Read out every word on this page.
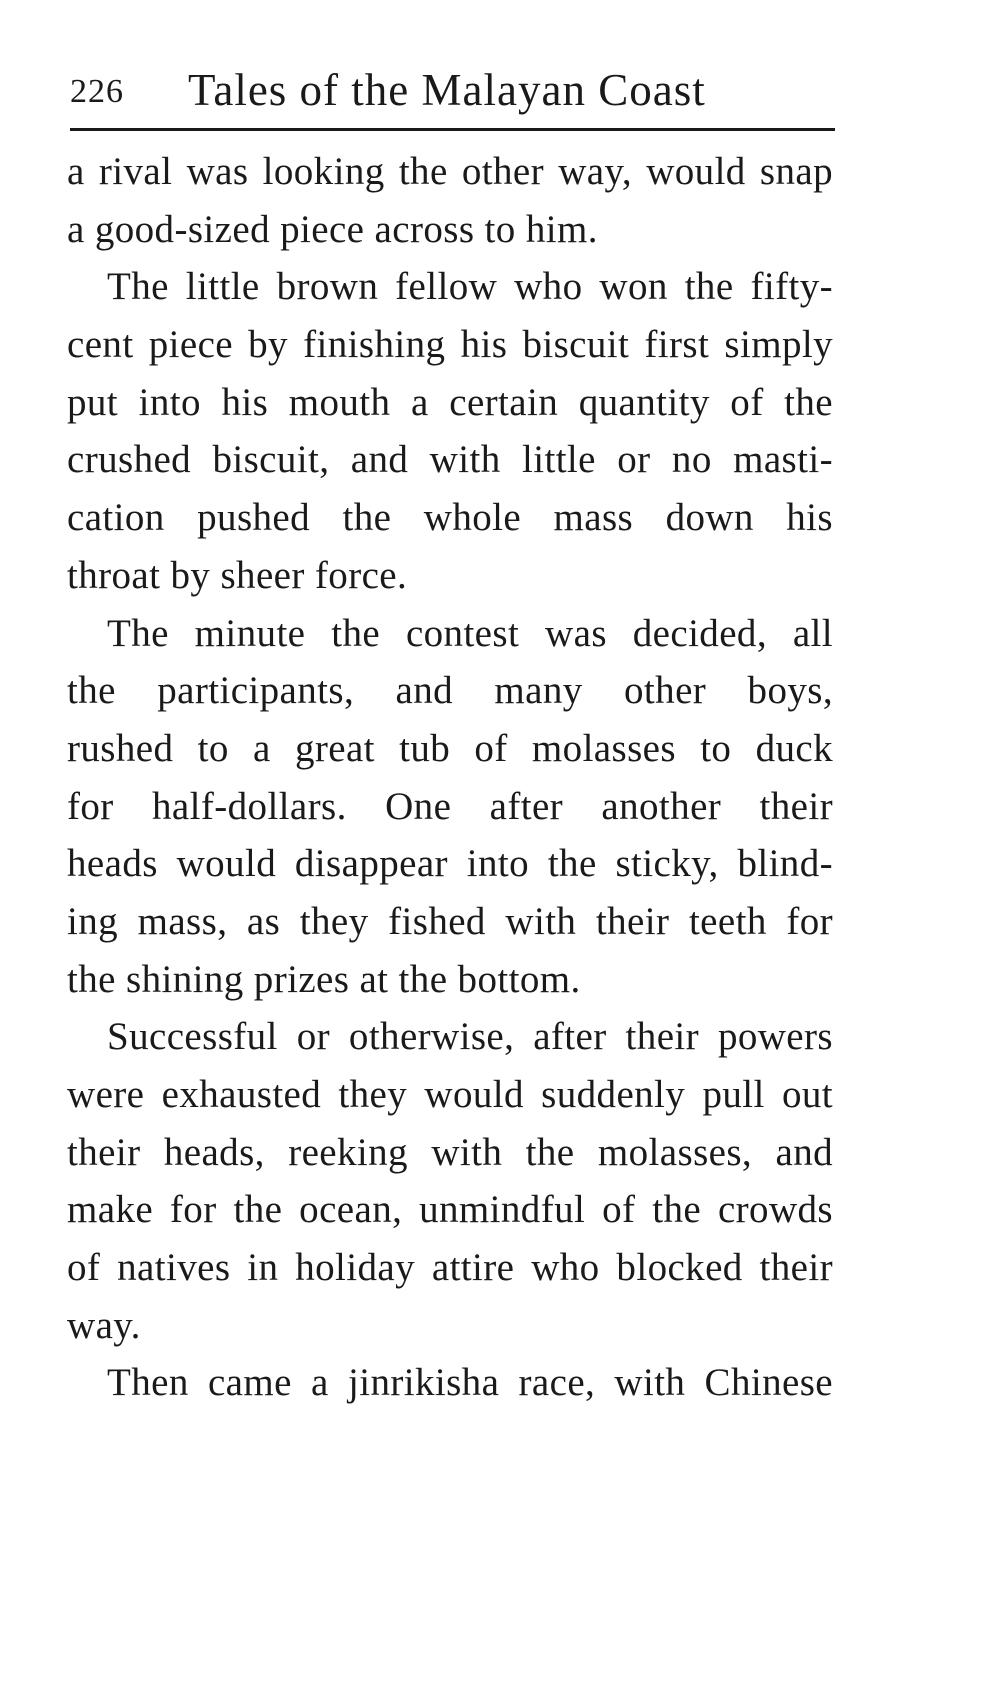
226 Tales of the Malayan Coast
a rival was looking the other way, would snap
a good-sized piece across to him.
The little brown fellow who won the fifty-
cent piece by finishing his biscuit first simply
put into his mouth a certain quantity of the
crushed biscuit, and with little or no masti-
cation pushed the whole mass down his
throat by sheer force.
The minute the contest was decided, all
the participants, and many other boys,
rushed to a great tub of molasses to duck
for half-dollars. One after another their
heads would disappear into the sticky, blind-
ing mass, as they fished with their teeth for
the shining prizes at the bottom.
Successful or otherwise, after their powers
were exhausted they would suddenly pull out
their heads, reeking with the molasses, and
make for the ocean, unmindful of the crowds
of natives in holiday attire who blocked their
way.
Then came a jinrikisha race, with Chinese
